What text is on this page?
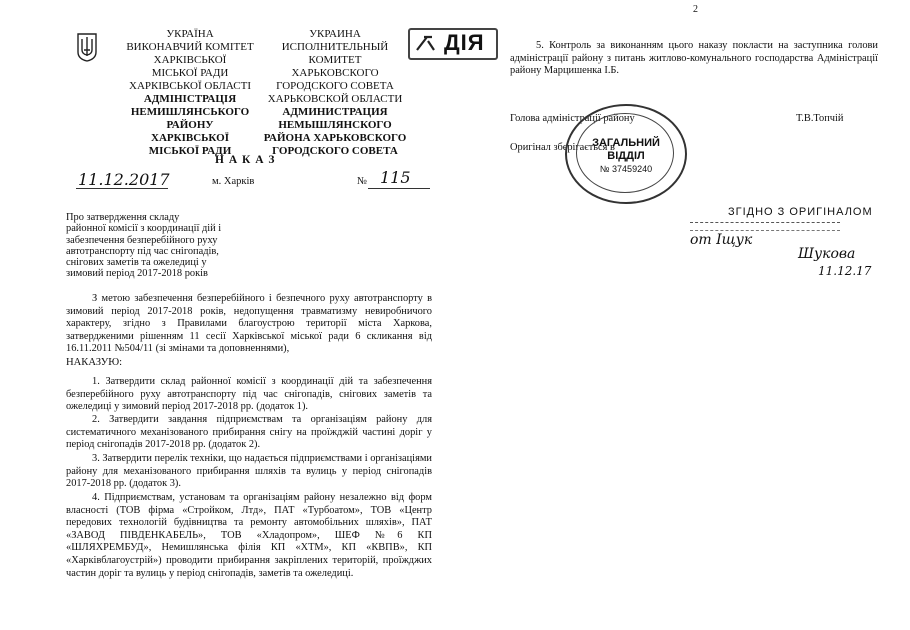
2
УКРАЇНА
ВИКОНАВЧИЙ КОМІТЕТ
ХАРКІВСЬКОЇ
МІСЬКОЇ РАДИ
ХАРКІВСЬКОЇ ОБЛАСТІ
АДМІНІСТРАЦІЯ
НЕМИШЛЯНСЬКОГО
РАЙОНУ
ХАРКІВСЬКОЇ
МІСЬКОЇ РАДИ
УКРАИНА
ИСПОЛНИТЕЛЬНЫЙ
КОМИТЕТ
ХАРЬКОВСКОГО
ГОРОДСКОГО СОВЕТА
ХАРЬКОВСКОЙ ОБЛАСТИ
АДМИНИСТРАЦИЯ
НЕМЫШЛЯНСКОГО
РАЙОНА ХАРЬКОВСКОГО
ГОРОДСКОГО СОВЕТА
ДІЯ
Н А К А З
11.12.2017	м. Харків	№ 115
Про затвердження складу
районної комісії з координації дій і
забезпечення безперебійного руху
автотранспорту під час снігопадів,
снігових заметів та ожеледиці у
зимовий період 2017-2018 років
З метою забезпечення безперебійного і безпечного руху автотранспорту в зимовий період 2017-2018 років, недопущення травматизму невиробничого характеру, згідно з Правилами благоустрою території міста Харкова, затвердженими рішенням 11 сесії Харківської міської ради 6 скликання від 16.11.2011 №504/11 (зі змінами та доповненнями),
НАКАЗУЮ:
1. Затвердити склад районної комісії з координації дій та забезпечення безперебійного руху автотранспорту під час снігопадів, снігових заметів та ожеледиці у зимовий період 2017-2018 рр. (додаток 1).
2. Затвердити завдання підприємствам та організаціям району для систематичного механізованого прибирання снігу на проїжджій частині доріг у період снігопадів 2017-2018 рр. (додаток 2).
3. Затвердити перелік техніки, що надається підприємствами і організаціями району для механізованого прибирання шляхів та вулиць у період снігопадів 2017-2018 рр. (додаток 3).
4. Підприємствам, установам та організаціям району незалежно від форм власності (ТОВ фірма «Стройком, Лтд», ПАТ «Турбоатом», ТОВ «Центр передових технологій будівництва та ремонту автомобільних шляхів», ПАТ «ЗАВОД ПІВДЕНКАБЕЛЬ», ТОВ «Хладопром», ШЕФ №6 КП «ШЛЯХРЕМБУД», Немишлянська філія КП «ХТМ», КП «КВПВ», КП «Харківблагоустрій») проводити прибирання закріплених територій, проїжджих частин доріг та вулиць у період снігопадів, заметів та ожеледиці.
5. Контроль за виконанням цього наказу покласти на заступника голови адміністрації району з питань житлово-комунального господарства Адміністрації району Марцишенка І.Б.
Голова адміністрації району	Т.В.Топчій
Оригінал зберігається в
ЗАГАЛЬНИЙ
ВІДДІЛ
№ 37459240
ЗГІДНО З ОРИГІНАЛОМ
от Іщук
Шукова
11.12.17
